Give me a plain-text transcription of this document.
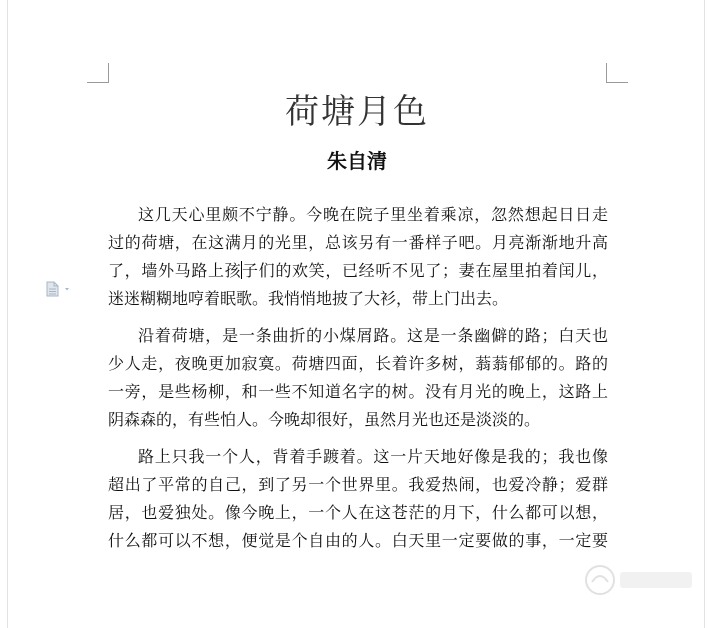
荷塘月色
朱自清

这几天心里颇不宁静。今晚在院子里坐着乘凉，忽然想起日日走
过的荷塘，在这满月的光里，总该另有一番样子吧。月亮渐渐地升高
了，墙外马路上孩子们的欢笑，已经听不见了；妻在屋里拍着闰儿，
迷迷糊糊地哼着眠歌。我悄悄地披了大衫，带上门出去。

沿着荷塘，是一条曲折的小煤屑路。这是一条幽僻的路；白天也
少人走，夜晚更加寂寞。荷塘四面，长着许多树，蓊蓊郁郁的。路的
一旁，是些杨柳，和一些不知道名字的树。没有月光的晚上，这路上
阴森森的，有些怕人。今晚却很好，虽然月光也还是淡淡的。

路上只我一个人，背着手踱着。这一片天地好像是我的；我也像
超出了平常的自己，到了另一个世界里。我爱热闹，也爱冷静；爱群
居，也爱独处。像今晚上，一个人在这苍茫的月下，什么都可以想，
什么都可以不想，便觉是个自由的人。白天里一定要做的事，一定要
